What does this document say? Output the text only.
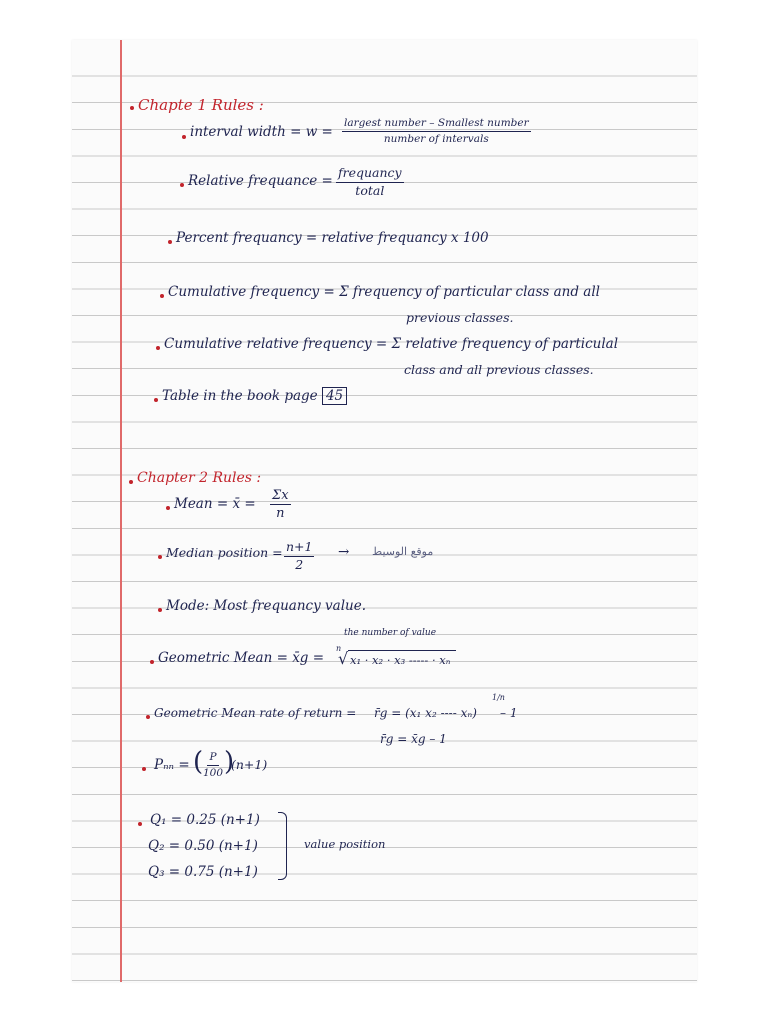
Chapte 1 Rules :
interval width = w =
largest number – Smallest number
number of intervals
Relative frequance =
frequancy
total
Percent frequancy = relative frequancy x 100
Cumulative frequency = Σ frequency of particular class and all
previous classes.
Cumulative relative frequency = Σ relative frequency of particulal
class and all previous classes.
Table in the book page 45
Chapter 2 Rules :
Mean = x̄ = $\frac{\Sigma x}{n}$
Median position = $\frac{n+1}{2}$ → موقع الوسيط
Mode: Most frequancy value.
the number of value
Geometric Mean = x̄g =
n
√ x₁ · x₂ · x₃ ----- · xₙ
Geometric Mean rate of return = r̄g = (x₁ x₂ ---- xₙ)
1/n
– 1
r̄g = x̄g – 1
Pₙₙ = ( $\frac{P}{100}$ )
(n+1)
Q₁ = 0.25 (n+1)
Q₂ = 0.50 (n+1)
Q₃ = 0.75 (n+1)
value position
